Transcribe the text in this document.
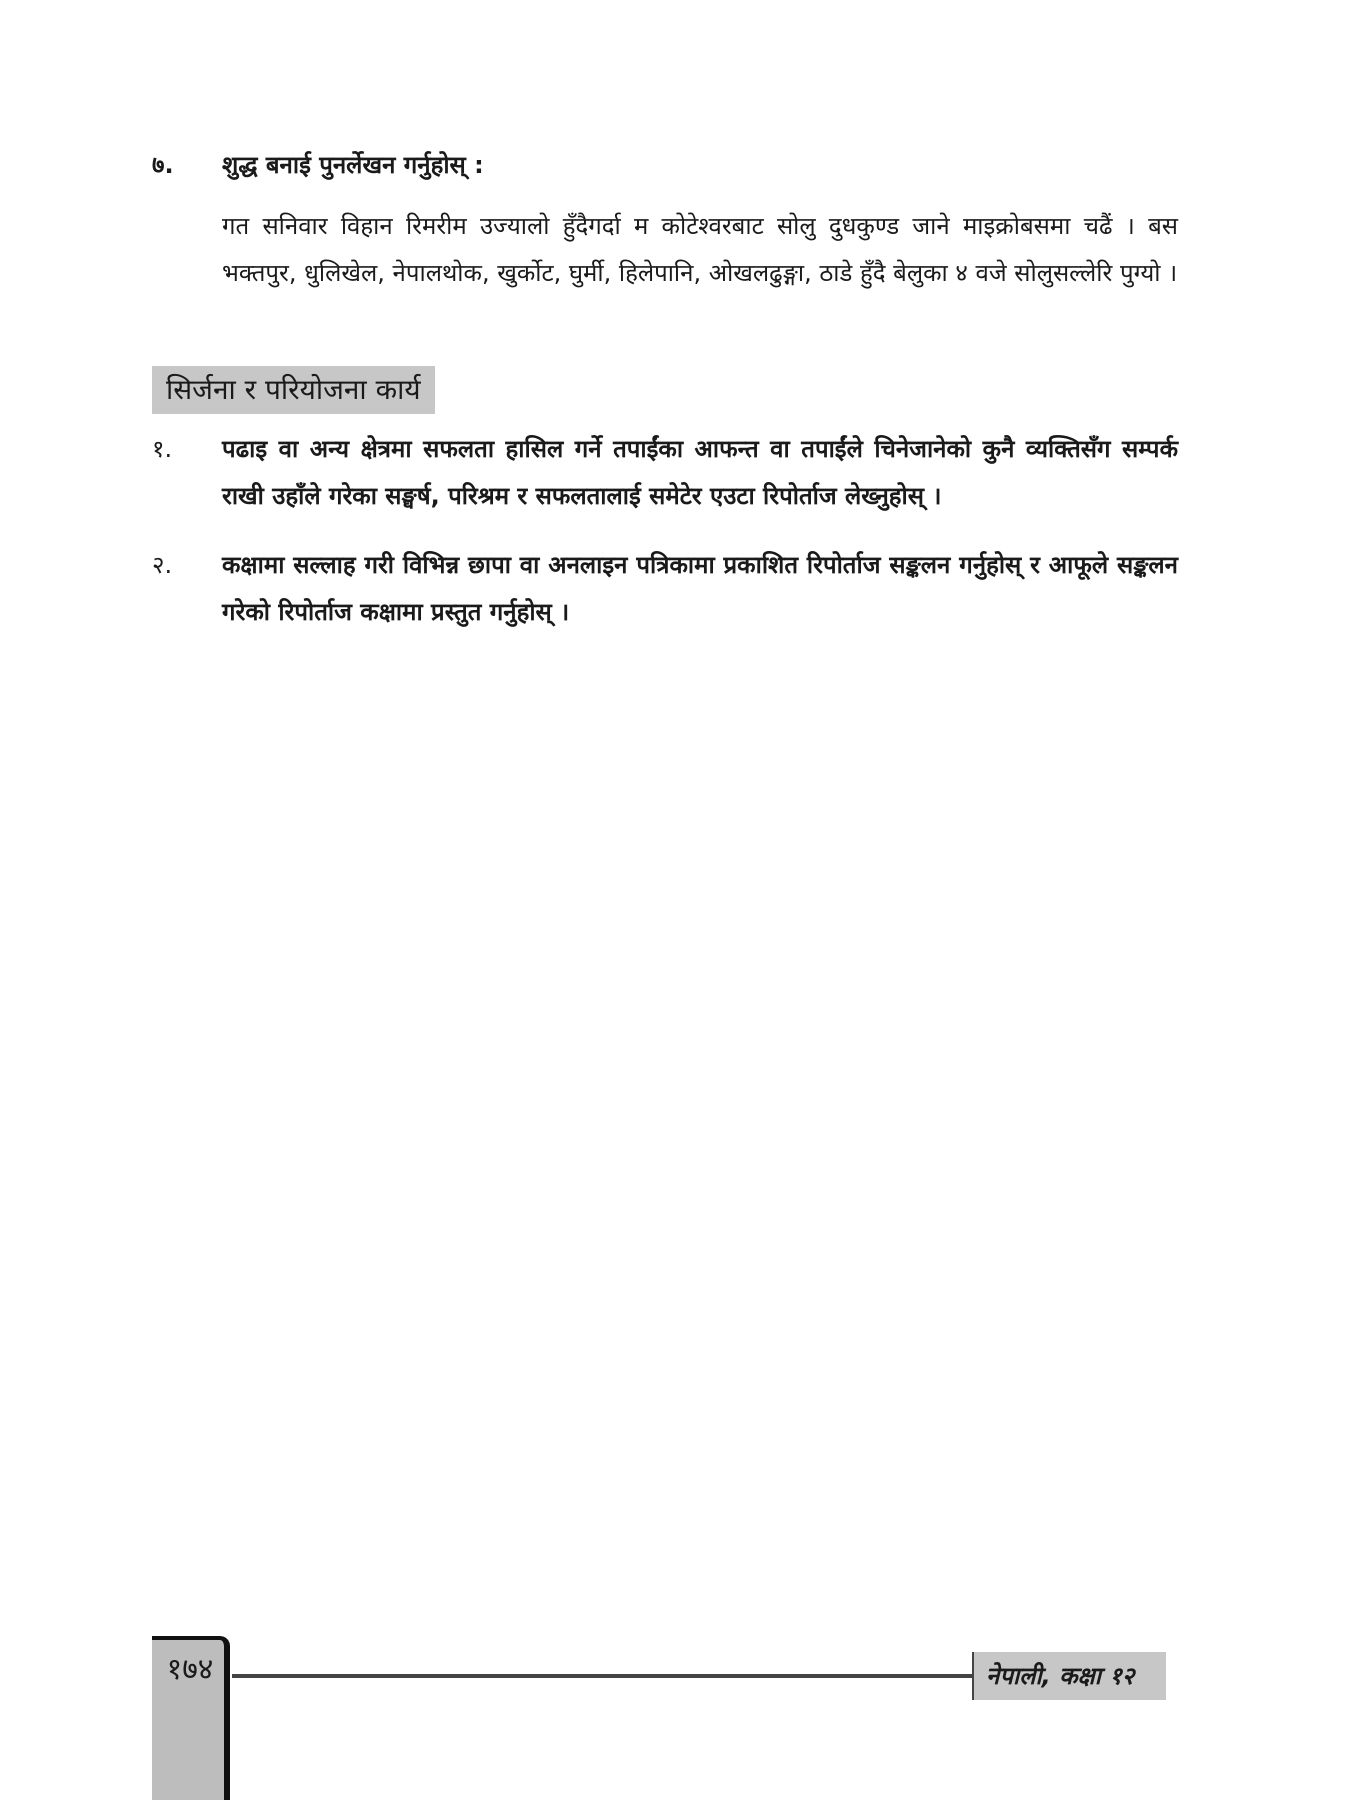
७.	शुद्ध बनाई पुनर्लेखन गर्नुहोस् :
गत सनिवार विहान रिमरीम उज्यालो हुँदैगर्दा म कोटेश्वरबाट सोलु दुधकुण्ड जाने माइक्रोबसमा चढैं । बस भक्तपुर, धुलिखेल, नेपालथोक, खुर्कोट, घुर्मी, हिलेपानि, ओखलढुङ्गा, ठाडे हुँदै बेलुका ४ वजे सोलुसल्लेरि पुग्यो ।
सिर्जना र परियोजना कार्य
१.	पढाइ वा अन्य क्षेत्रमा सफलता हासिल गर्ने तपाईंका आफन्त वा तपाईंले चिनेजानेको कुनै व्यक्तिसँग सम्पर्क राखी उहाँले गरेका सङ्घर्ष, परिश्रम र सफलतालाई समेटेर एउटा रिपोर्ताज लेख्नुहोस् ।
२.	कक्षामा सल्लाह गरी विभिन्न छापा वा अनलाइन पत्रिकामा प्रकाशित रिपोर्ताज सङ्कलन गर्नुहोस् र आफूले सङ्कलन गरेको रिपोर्ताज कक्षामा प्रस्तुत गर्नुहोस् ।
१७४	नेपाली, कक्षा १२
